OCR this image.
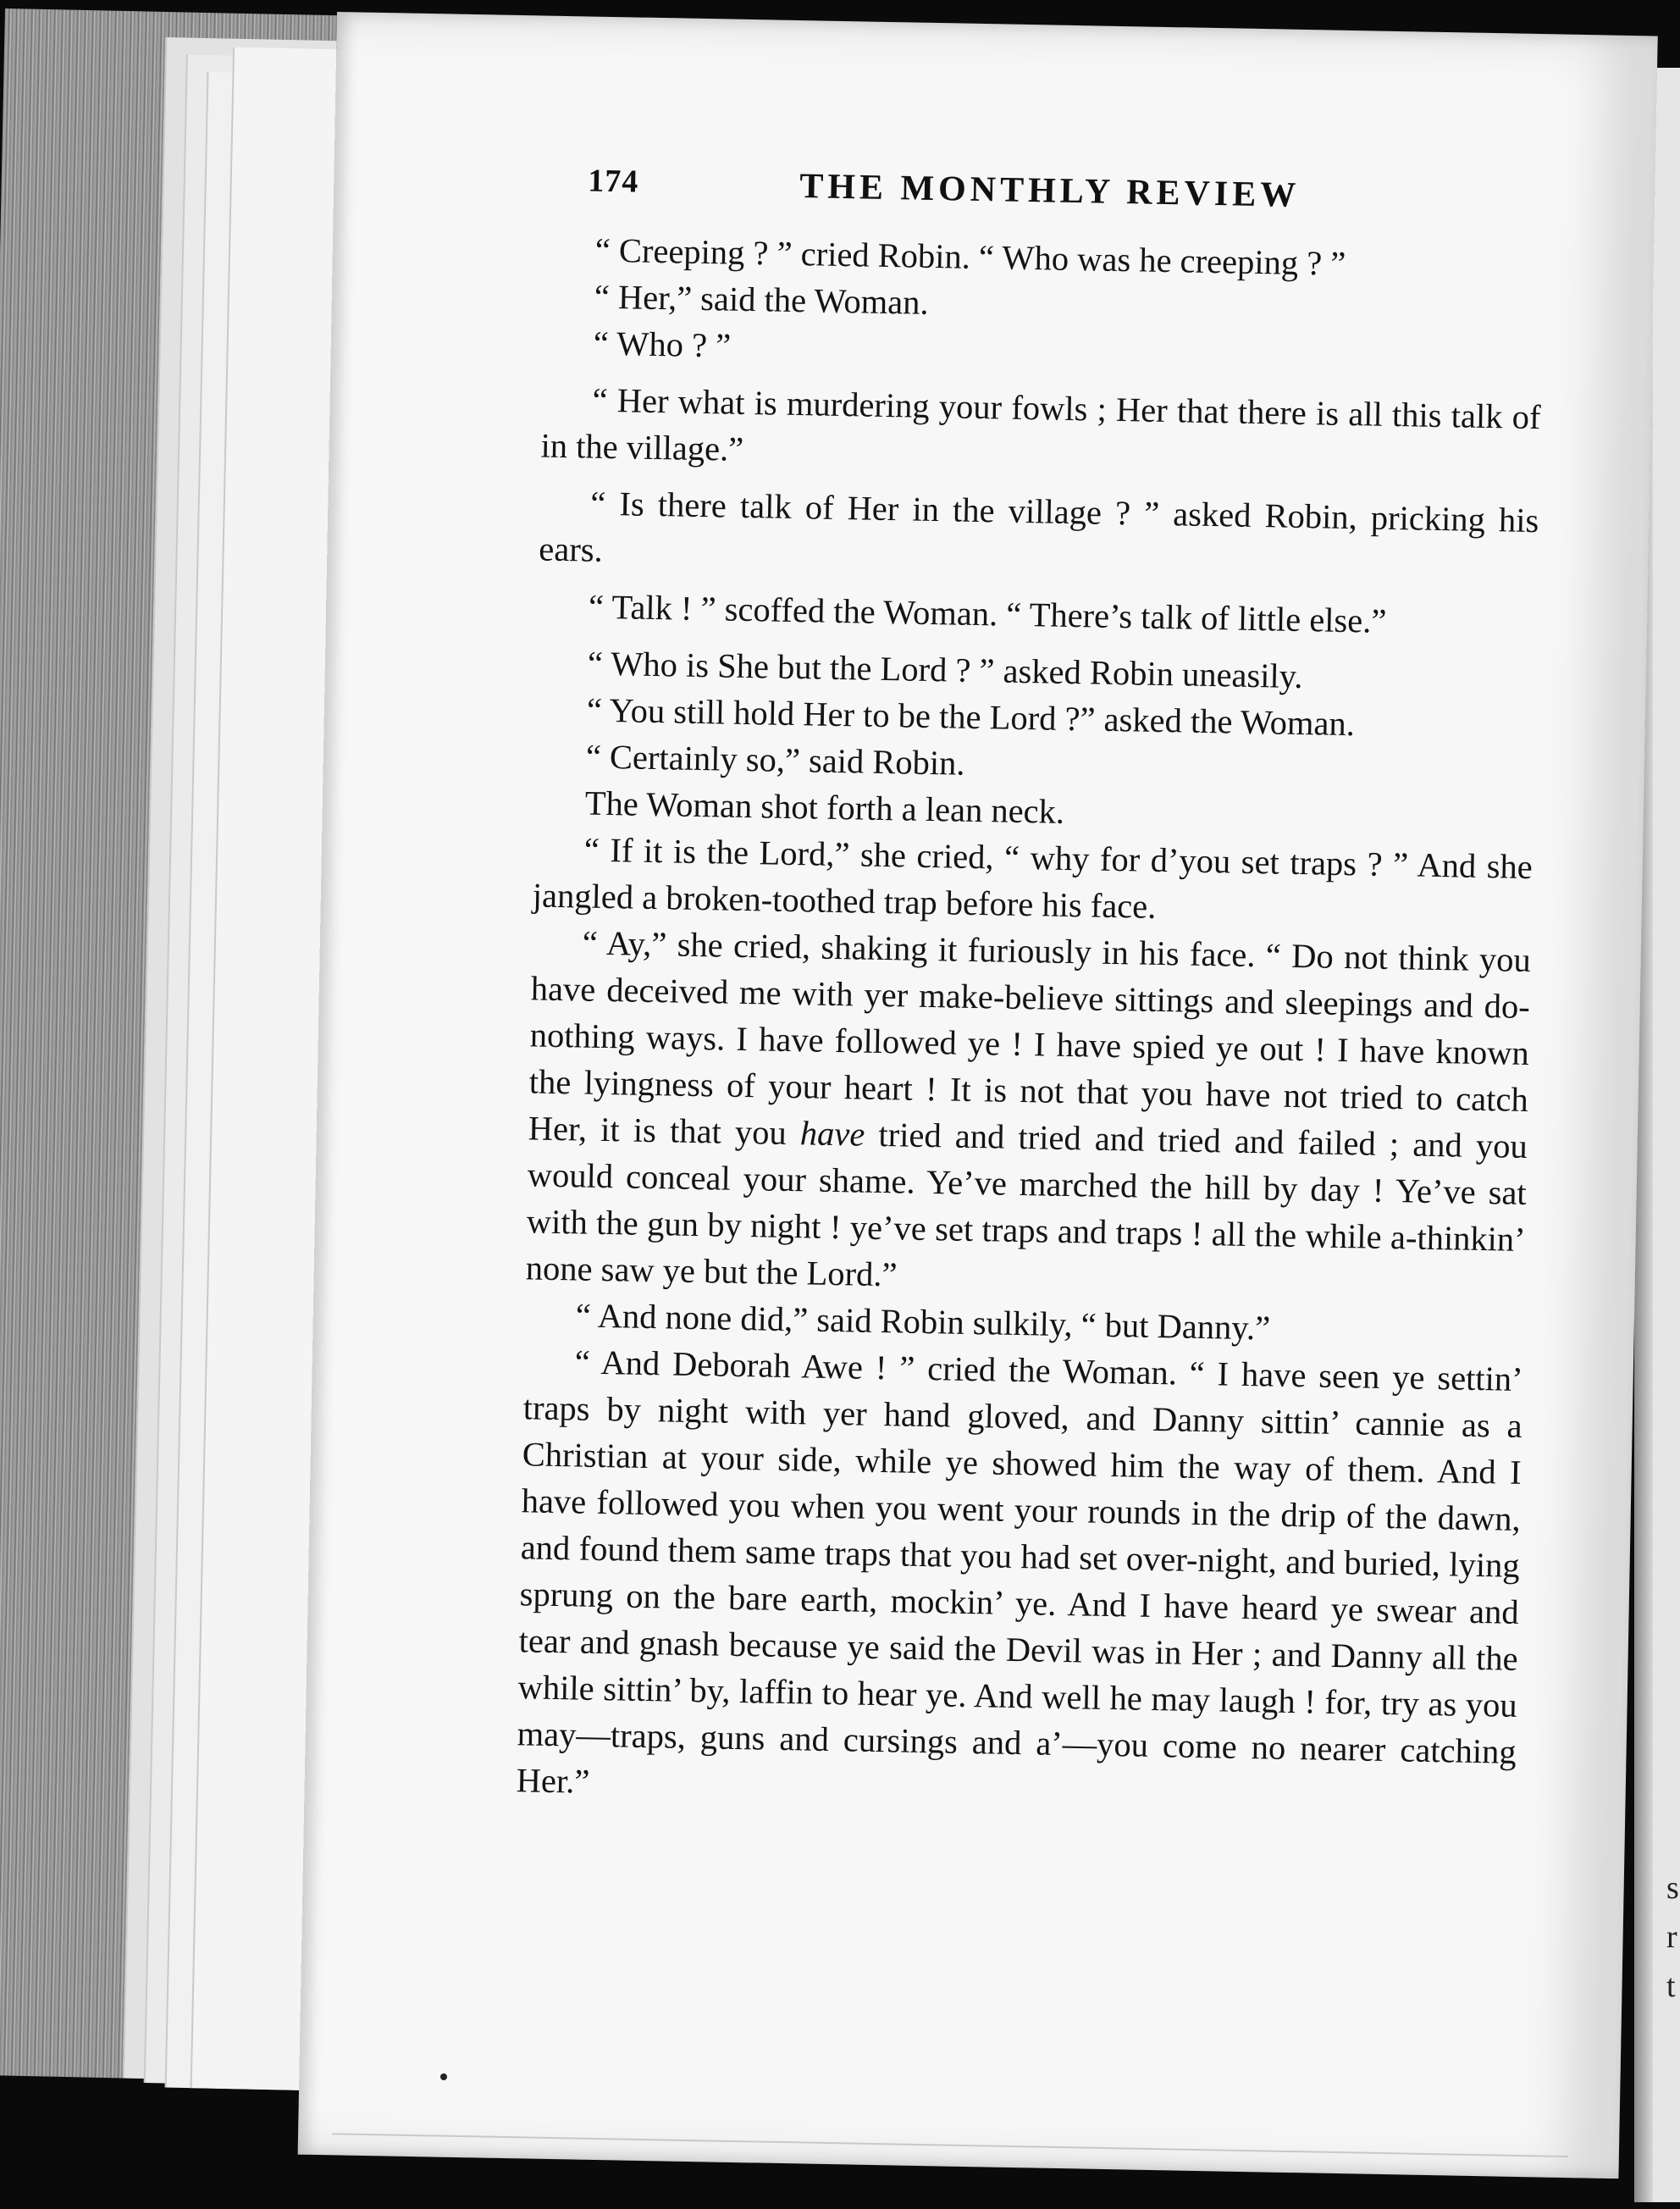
s
r
t
174	THE MONTHLY REVIEW

“ Creeping ? ” cried Robin. “ Who was he creeping ? ”

“ Her,” said the Woman.

“ Who ? ”

“ Her what is murdering your fowls ; Her that there is all this talk of in the village.”

“ Is there talk of Her in the village ? ” asked Robin, pricking his ears.

“ Talk ! ” scoffed the Woman. “ There’s talk of little else.”

“ Who is She but the Lord ? ” asked Robin uneasily.

“ You still hold Her to be the Lord ?” asked the Woman.

“ Certainly so,” said Robin.

The Woman shot forth a lean neck.

“ If it is the Lord,” she cried, “ why for d’you set traps ? ” And she jangled a broken-toothed trap before his face.

“ Ay,” she cried, shaking it furiously in his face. “ Do not think you have deceived me with yer make-believe sittings and sleepings and do-nothing ways. I have followed ye ! I have spied ye out ! I have known the lyingness of your heart ! It is not that you have not tried to catch Her, it is that you have tried and tried and tried and failed ; and you would conceal your shame. Ye’ve marched the hill by day ! Ye’ve sat with the gun by night ! ye’ve set traps and traps ! all the while a-thinkin’ none saw ye but the Lord.”

“ And none did,” said Robin sulkily, “ but Danny.”

“ And Deborah Awe ! ” cried the Woman. “ I have seen ye settin’ traps by night with yer hand gloved, and Danny sittin’ cannie as a Christian at your side, while ye showed him the way of them. And I have followed you when you went your rounds in the drip of the dawn, and found them same traps that you had set over-night, and buried, lying sprung on the bare earth, mockin’ ye. And I have heard ye swear and tear and gnash because ye said the Devil was in Her ; and Danny all the while sittin’ by, laffin to hear ye. And well he may laugh ! for, try as you may—traps, guns and cursings and a’—you come no nearer catching Her.”
